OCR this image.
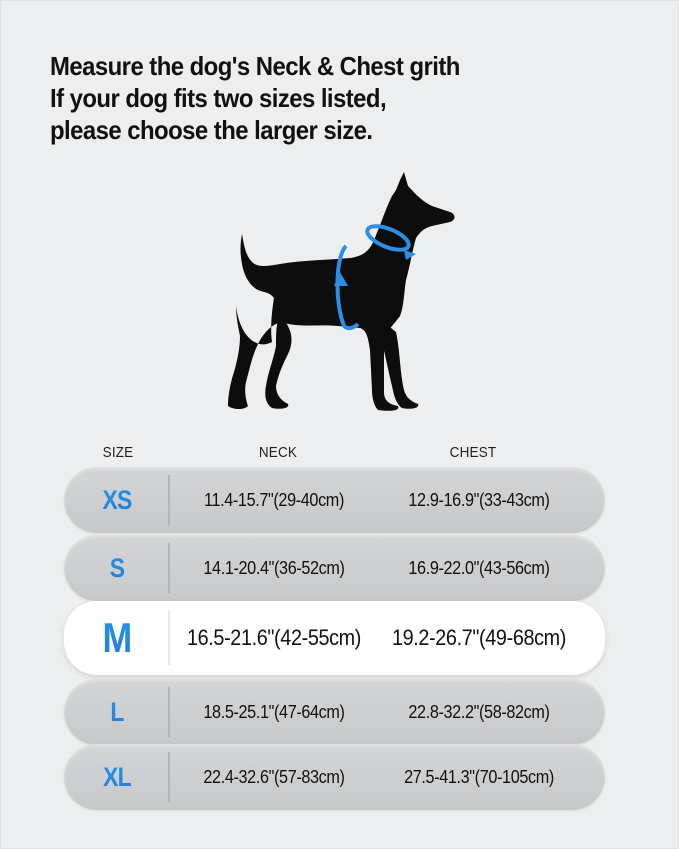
Measure the dog's Neck & Chest grith
If your dog fits two sizes listed,
please choose the larger size.
SIZE	NECK	CHEST
XS	11.4-15.7"(29-40cm)	12.9-16.9"(33-43cm)
S	14.1-20.4"(36-52cm)	16.9-22.0"(43-56cm)
M	16.5-21.6"(42-55cm)	19.2-26.7"(49-68cm)
L	18.5-25.1"(47-64cm)	22.8-32.2"(58-82cm)
XL	22.4-32.6"(57-83cm)	27.5-41.3"(70-105cm)
